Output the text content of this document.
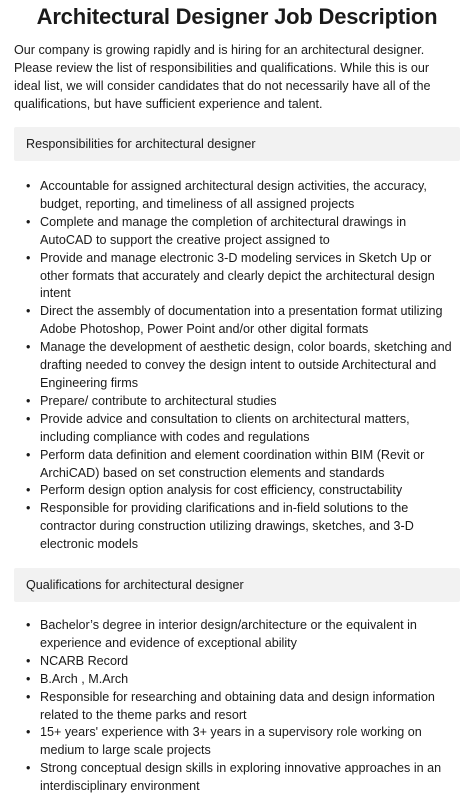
Architectural Designer Job Description

Our company is growing rapidly and is hiring for an architectural designer. Please review the list of responsibilities and qualifications. While this is our ideal list, we will consider candidates that do not necessarily have all of the qualifications, but have sufficient experience and talent.

Responsibilities for architectural designer
• Accountable for assigned architectural design activities, the accuracy, budget, reporting, and timeliness of all assigned projects
• Complete and manage the completion of architectural drawings in AutoCAD to support the creative project assigned to
• Provide and manage electronic 3-D modeling services in Sketch Up or other formats that accurately and clearly depict the architectural design intent
• Direct the assembly of documentation into a presentation format utilizing Adobe Photoshop, Power Point and/or other digital formats
• Manage the development of aesthetic design, color boards, sketching and drafting needed to convey the design intent to outside Architectural and Engineering firms
• Prepare/ contribute to architectural studies
• Provide advice and consultation to clients on architectural matters, including compliance with codes and regulations
• Perform data definition and element coordination within BIM (Revit or ArchiCAD) based on set construction elements and standards
• Perform design option analysis for cost efficiency, constructability
• Responsible for providing clarifications and in-field solutions to the contractor during construction utilizing drawings, sketches, and 3-D electronic models
Qualifications for architectural designer
• Bachelor’s degree in interior design/architecture or the equivalent in experience and evidence of exceptional ability
• NCARB Record
• B.Arch , M.Arch
• Responsible for researching and obtaining data and design information related to the theme parks and resort
• 15+ years' experience with 3+ years in a supervisory role working on medium to large scale projects
• Strong conceptual design skills in exploring innovative approaches in an interdisciplinary environment
